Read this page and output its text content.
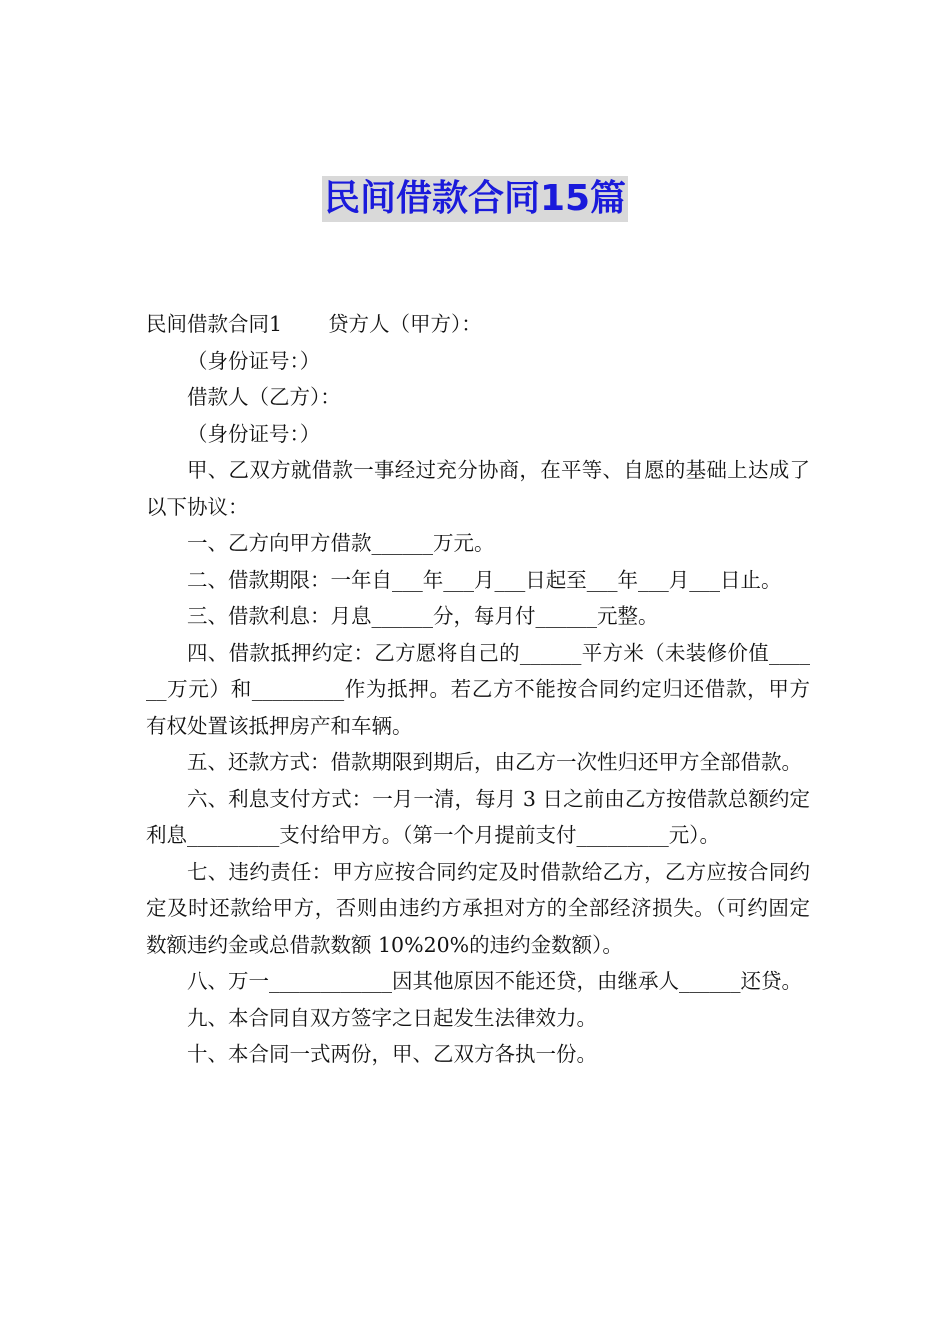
民间借款合同15篇

民间借款合同1 贷方人（甲方）：

（身份证号：）

借款人（乙方）：

（身份证号：）

甲、乙双方就借款一事经过充分协商，在平等、自愿的基础上达成了以下协议：

一、乙方向甲方借款______万元。

二、借款期限：一年自___年___月___日起至___年___月___日止。

三、借款利息：月息______分，每月付______元整。

四、借款抵押约定：乙方愿将自己的______平方米（未装修价值______万元）和_________作为抵押。若乙方不能按合同约定归还借款，甲方有权处置该抵押房产和车辆。

五、还款方式：借款期限到期后，由乙方一次性归还甲方全部借款。

六、利息支付方式：一月一清，每月 3 日之前由乙方按借款总额约定利息_________支付给甲方。（第一个月提前支付_________元）。

七、违约责任：甲方应按合同约定及时借款给乙方，乙方应按合同约定及时还款给甲方，否则由违约方承担对方的全部经济损失。（可约固定数额违约金或总借款数额 10%20%的违约金数额）。

八、万一____________因其他原因不能还贷，由继承人______还贷。

九、本合同自双方签字之日起发生法律效力。

十、本合同一式两份，甲、乙双方各执一份。
